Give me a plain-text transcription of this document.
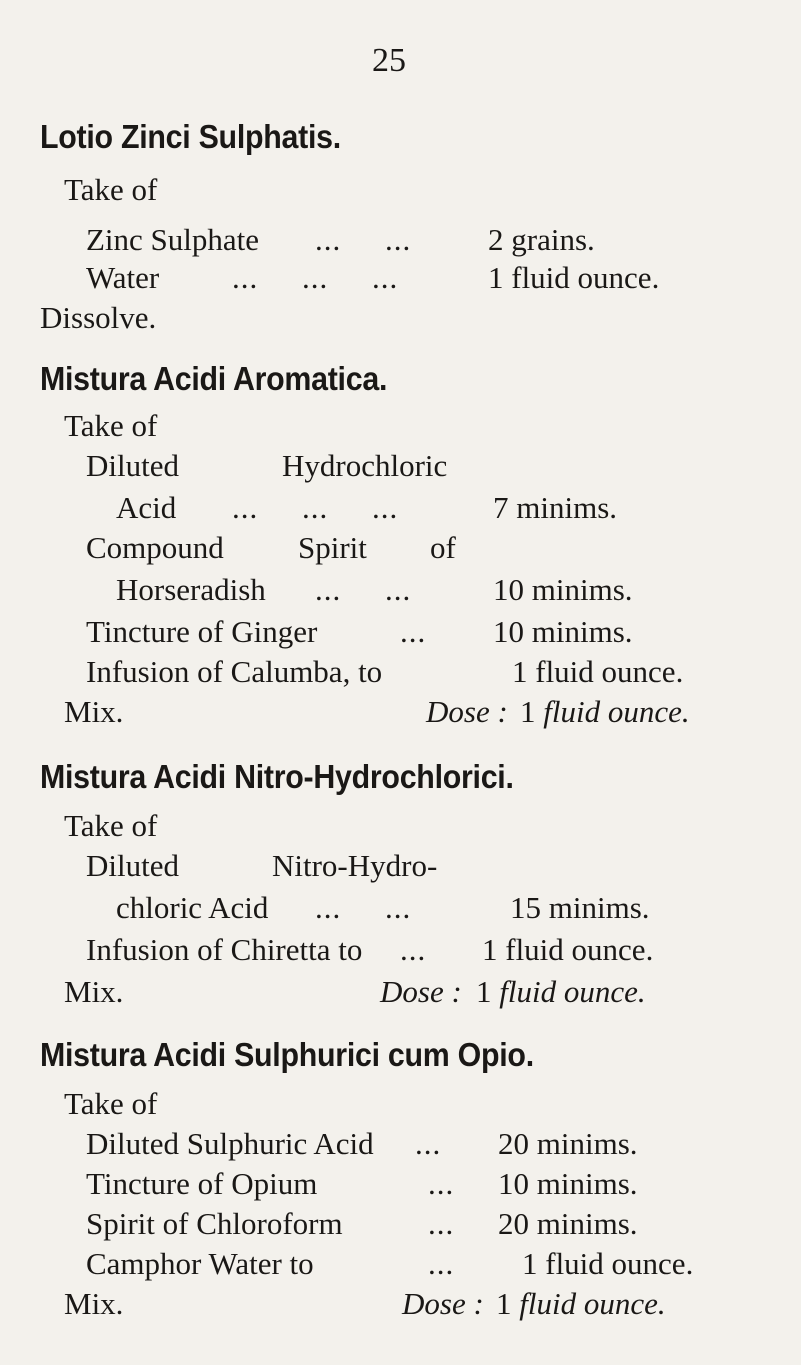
25
Lotio Zinci Sulphatis.
Take of
Zinc Sulphate ...     ... 2 grains.
Water ...     ...     ...	1 fluid ounce.
Dissolve.
Mistura Acidi Aromatica.
Take of
Diluted	Hydrochloric
Acid ...     ...     ...	7 minims.
Compound Spirit of
Horseradish ...     ...	10 minims.
Tincture of Ginger	... 10 minims.
Infusion of Calumba, to	1 fluid ounce.
Mix.	Dose : 1 fluid ounce.
Mistura Acidi Nitro-Hydrochlorici.
Take of
Diluted	Nitro-Hydro-
chloric Acid ...     ...	15 minims.
Infusion of Chiretta to ... 1 fluid ounce.
Mix.	Dose : 1 fluid ounce.
Mistura Acidi Sulphurici cum Opio.
Take of
Diluted Sulphuric Acid ... 20 minims.
Tincture of Opium	... 10 minims.
Spirit of Chloroform	... 20 minims.
Camphor Water to	... 1 fluid ounce.
Mix.	Dose : 1 fluid ounce.
